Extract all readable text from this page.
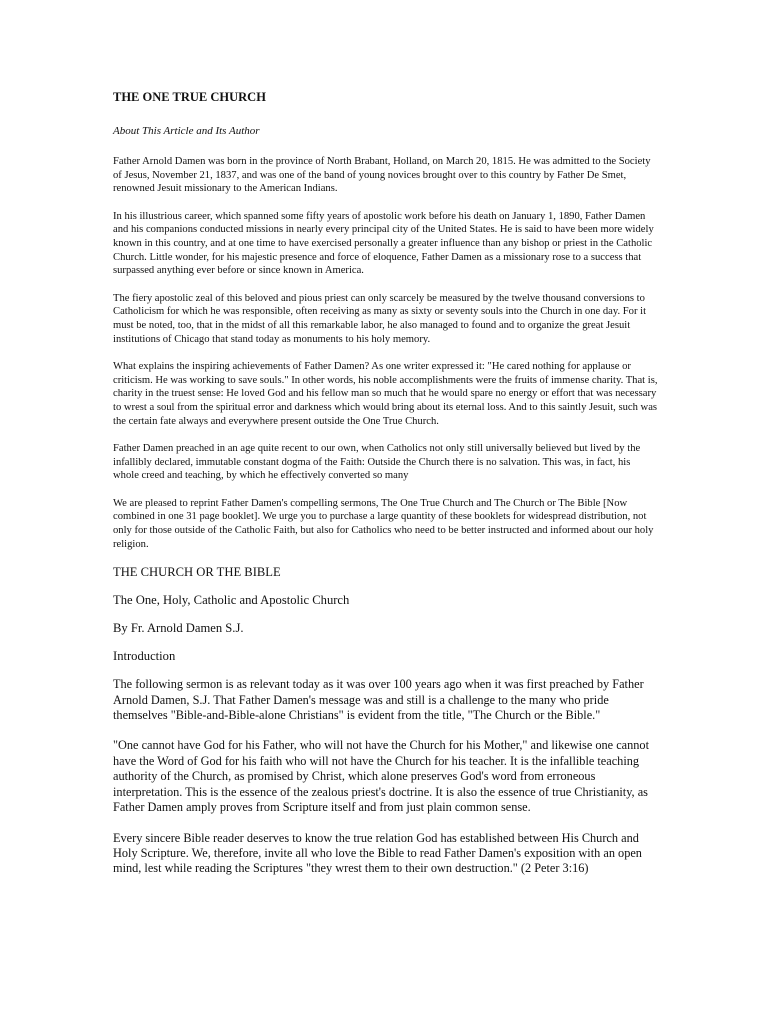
THE ONE TRUE CHURCH
About This Article and Its Author

Father Arnold Damen was born in the province of North Brabant, Holland, on March 20, 1815. He was admitted to the Society of Jesus, November 21, 1837, and was one of the band of young novices brought over to this country by Father De Smet, renowned Jesuit missionary to the American Indians.

In his illustrious career, which spanned some fifty years of apostolic work before his death on January 1, 1890, Father Damen and his companions conducted missions in nearly every principal city of the United States. He is said to have been more widely known in this country, and at one time to have exercised personally a greater influence than any bishop or priest in the Catholic Church. Little wonder, for his majestic presence and force of eloquence, Father Damen as a missionary rose to a success that surpassed anything ever before or since known in America.

The fiery apostolic zeal of this beloved and pious priest can only scarcely be measured by the twelve thousand conversions to Catholicism for which he was responsible, often receiving as many as sixty or seventy souls into the Church in one day. For it must be noted, too, that in the midst of all this remarkable labor, he also managed to found and to organize the great Jesuit institutions of Chicago that stand today as monuments to his holy memory.

What explains the inspiring achievements of Father Damen? As one writer expressed it: "He cared nothing for applause or criticism. He was working to save souls." In other words, his noble accomplishments were the fruits of immense charity. That is, charity in the truest sense: He loved God and his fellow man so much that he would spare no energy or effort that was necessary to wrest a soul from the spiritual error and darkness which would bring about its eternal loss. And to this saintly Jesuit, such was the certain fate always and everywhere present outside the One True Church.

Father Damen preached in an age quite recent to our own, when Catholics not only still universally believed but lived by the infallibly declared, immutable constant dogma of the Faith: Outside the Church there is no salvation. This was, in fact, his whole creed and teaching, by which he effectively converted so many

We are pleased to reprint Father Damen's compelling sermons, The One True Church and The Church or The Bible [Now combined in one 31 page booklet]. We urge you to purchase a large quantity of these booklets for widespread distribution, not only for those outside of the Catholic Faith, but also for Catholics who need to be better instructed and informed about our holy religion.

THE CHURCH OR THE BIBLE
The One, Holy, Catholic and Apostolic Church
By Fr. Arnold Damen S.J.
Introduction

The following sermon is as relevant today as it was over 100 years ago when it was first preached by Father Arnold Damen, S.J. That Father Damen's message was and still is a challenge to the many who pride themselves "Bible-and-Bible-alone Christians" is evident from the title, "The Church or the Bible."

"One cannot have God for his Father, who will not have the Church for his Mother," and likewise one cannot have the Word of God for his faith who will not have the Church for his teacher. It is the infallible teaching authority of the Church, as promised by Christ, which alone preserves God's word from erroneous interpretation. This is the essence of the zealous priest's doctrine. It is also the essence of true Christianity, as Father Damen amply proves from Scripture itself and from just plain common sense.

Every sincere Bible reader deserves to know the true relation God has established between His Church and Holy Scripture. We, therefore, invite all who love the Bible to read Father Damen's exposition with an open mind, lest while reading the Scriptures "they wrest them to their own destruction." (2 Peter 3:16)
